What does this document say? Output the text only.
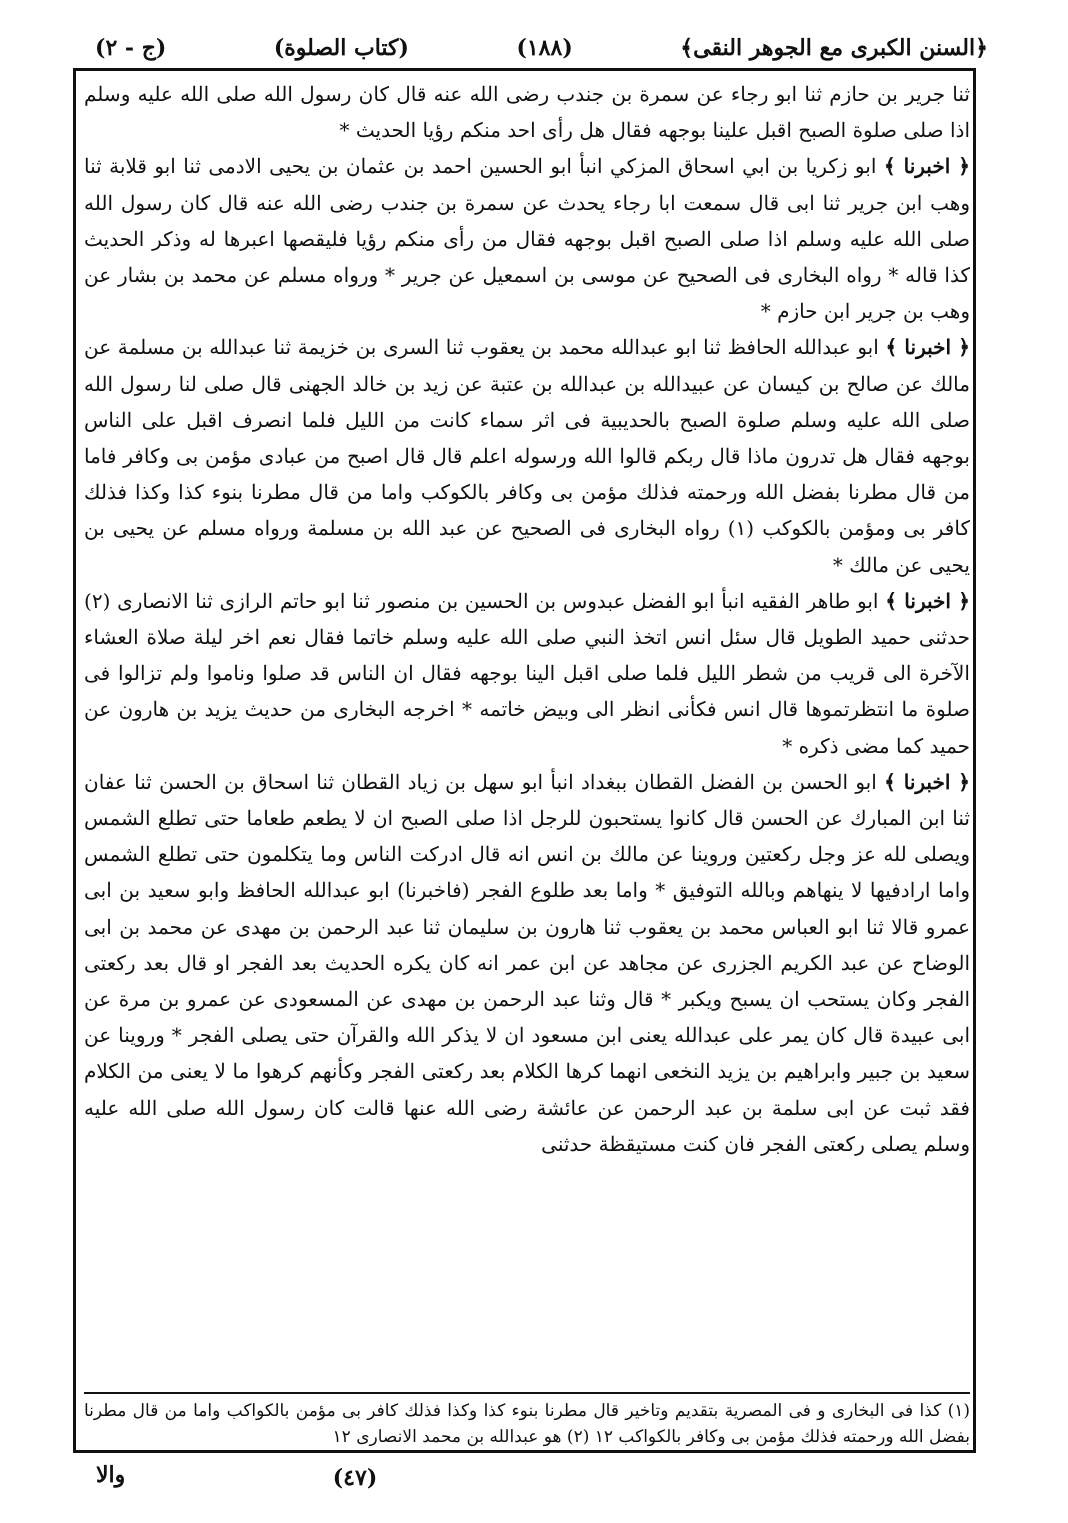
﴿السنن الكبرى مع الجوهر النقى﴾
(١٨٨)
(كتاب الصلوة)
(ج - ٢)

ثنا جرير بن حازم ثنا ابو رجاء عن سمرة بن جندب رضى الله عنه قال كان رسول الله صلى الله عليه وسلم اذا صلى صلوة الصبح اقبل علينا بوجهه فقال هل رأى احد منكم رؤيا الحديث *

﴿ اخبرنا ﴾ ابو زكريا بن ابي اسحاق المزكي انبأ ابو الحسين احمد بن عثمان بن يحيى الادمى ثنا ابو قلابة ثنا وهب ابن جرير ثنا ابى قال سمعت ابا رجاء يحدث عن سمرة بن جندب رضى الله عنه قال كان رسول الله صلى الله عليه وسلم اذا صلى الصبح اقبل بوجهه فقال من رأى منكم رؤيا فليقصها اعبرها له وذكر الحديث كذا قاله * رواه البخارى فى الصحيح عن موسى بن اسمعيل عن جرير * ورواه مسلم عن محمد بن بشار عن وهب بن جرير ابن حازم *

﴿ اخبرنا ﴾ ابو عبدالله الحافظ ثنا ابو عبدالله محمد بن يعقوب ثنا السرى بن خزيمة ثنا عبدالله بن مسلمة عن مالك عن صالح بن كيسان عن عبيدالله بن عبدالله بن عتبة عن زيد بن خالد الجهنى قال صلى لنا رسول الله صلى الله عليه وسلم صلوة الصبح بالحديبية فى اثر سماء كانت من الليل فلما انصرف اقبل على الناس بوجهه فقال هل تدرون ماذا قال ربكم قالوا الله ورسوله اعلم قال قال اصبح من عبادى مؤمن بى وكافر فاما من قال مطرنا بفضل الله ورحمته فذلك مؤمن بى وكافر بالكوكب واما من قال مطرنا بنوء كذا وكذا فذلك كافر بى ومؤمن بالكوكب (١) رواه البخارى فى الصحيح عن عبد الله بن مسلمة ورواه مسلم عن يحيى بن يحيى عن مالك *

﴿ اخبرنا ﴾ ابو طاهر الفقيه انبأ ابو الفضل عبدوس بن الحسين بن منصور ثنا ابو حاتم الرازى ثنا الانصارى (٢) حدثنى حميد الطويل قال سئل انس اتخذ النبي صلى الله عليه وسلم خاتما فقال نعم اخر ليلة صلاة العشاء الآخرة الى قريب من شطر الليل فلما صلى اقبل الينا بوجهه فقال ان الناس قد صلوا وناموا ولم تزالوا فى صلوة ما انتظرتموها قال انس فكأنى انظر الى وبيض خاتمه * اخرجه البخارى من حديث يزيد بن هارون عن حميد كما مضى ذكره *

﴿ اخبرنا ﴾ ابو الحسن بن الفضل القطان ببغداد انبأ ابو سهل بن زياد القطان ثنا اسحاق بن الحسن ثنا عفان ثنا ابن المبارك عن الحسن قال كانوا يستحبون للرجل اذا صلى الصبح ان لا يطعم طعاما حتى تطلع الشمس ويصلى لله عز وجل ركعتين وروينا عن مالك بن انس انه قال ادركت الناس وما يتكلمون حتى تطلع الشمس واما ارادفيها لا ينهاهم وبالله التوفيق * واما بعد طلوع الفجر (فاخبرنا) ابو عبدالله الحافظ وابو سعيد بن ابى عمرو قالا ثنا ابو العباس محمد بن يعقوب ثنا هارون بن سليمان ثنا عبد الرحمن بن مهدى عن محمد بن ابى الوضاح عن عبد الكريم الجزرى عن مجاهد عن ابن عمر انه كان يكره الحديث بعد الفجر او قال بعد ركعتى الفجر وكان يستحب ان يسبح ويكبر * قال وثنا عبد الرحمن بن مهدى عن المسعودى عن عمرو بن مرة عن ابى عبيدة قال كان يمر على عبدالله يعنى ابن مسعود ان لا يذكر الله والقرآن حتى يصلى الفجر * وروينا عن سعيد بن جبير وابراهيم بن يزيد النخعى انهما كرها الكلام بعد ركعتى الفجر وكأنهم كرهوا ما لا يعنى من الكلام فقد ثبت عن ابى سلمة بن عبد الرحمن عن عائشة رضى الله عنها قالت كان رسول الله صلى الله عليه وسلم يصلى ركعتى الفجر فان كنت مستيقظة حدثنى

(١) كذا فى البخارى و فى المصرية بتقديم وتاخير قال مطرنا بنوء كذا وكذا فذلك كافر بى مؤمن بالكواكب واما من قال مطرنا بفضل الله ورحمته فذلك مؤمن بى وكافر بالكواكب ١٢ (٢) هو عبدالله بن محمد الانصارى ١٢

(٤٧)
والا
